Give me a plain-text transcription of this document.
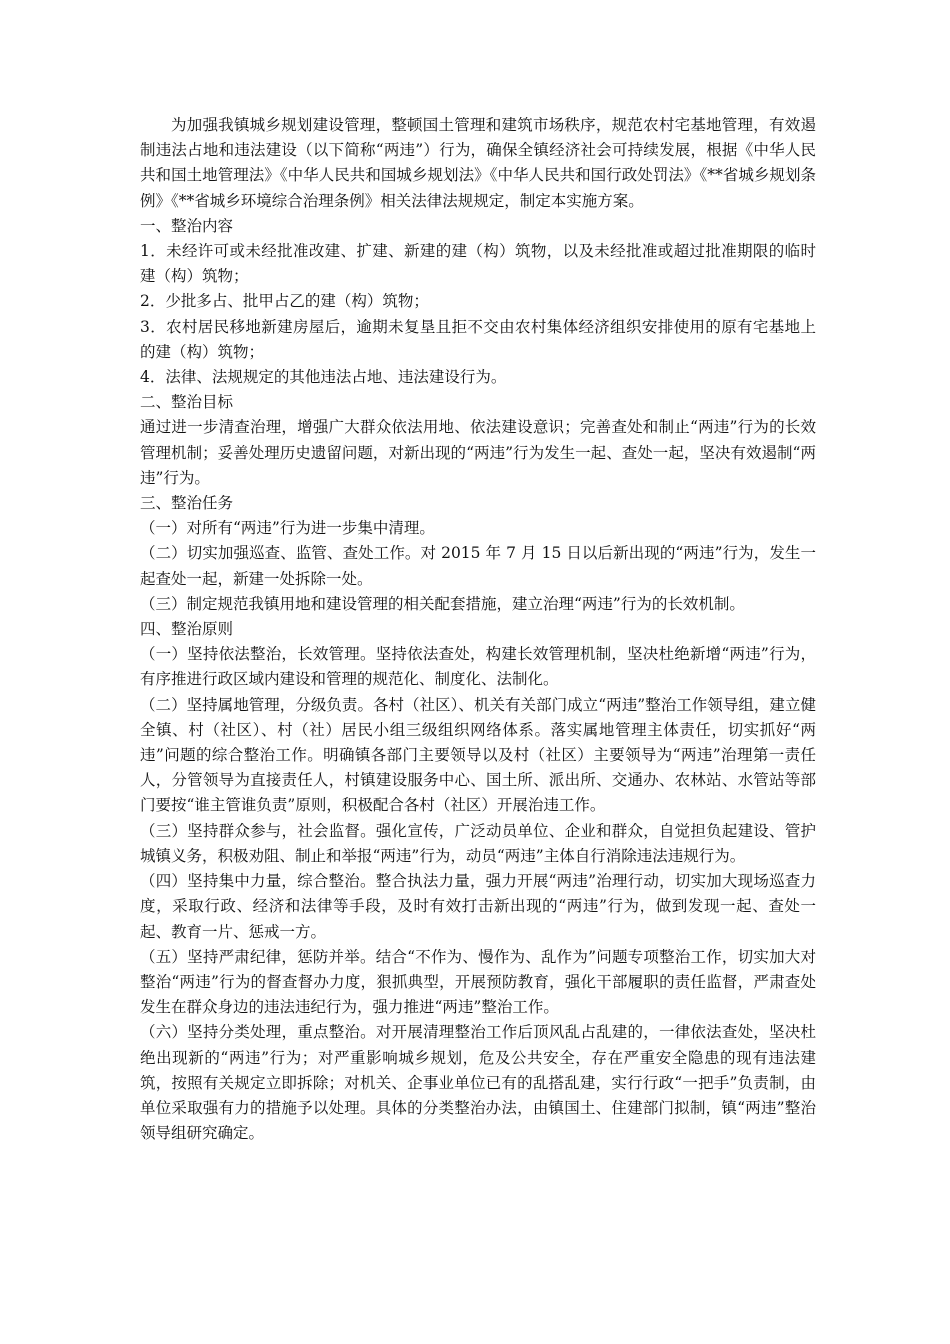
为加强我镇城乡规划建设管理，整顿国土管理和建筑市场秩序，规范农村宅基地管理，有效遏制违法占地和违法建设（以下简称“两违”）行为，确保全镇经济社会可持续发展，根据《中华人民共和国土地管理法》《中华人民共和国城乡规划法》《中华人民共和国行政处罚法》《**省城乡规划条例》《**省城乡环境综合治理条例》相关法律法规规定，制定本实施方案。

一、整治内容

1．未经许可或未经批准改建、扩建、新建的建（构）筑物，以及未经批准或超过批准期限的临时建（构）筑物；

2．少批多占、批甲占乙的建（构）筑物；

3．农村居民移地新建房屋后，逾期未复垦且拒不交由农村集体经济组织安排使用的原有宅基地上的建（构）筑物；

4．法律、法规规定的其他违法占地、违法建设行为。

二、整治目标

通过进一步清查治理，增强广大群众依法用地、依法建设意识；完善查处和制止“两违”行为的长效管理机制；妥善处理历史遗留问题，对新出现的“两违”行为发生一起、查处一起，坚决有效遏制“两违”行为。

三、整治任务

（一）对所有“两违”行为进一步集中清理。

（二）切实加强巡查、监管、查处工作。对 2015 年 7 月 15 日以后新出现的“两违”行为，发生一起查处一起，新建一处拆除一处。

（三）制定规范我镇用地和建设管理的相关配套措施，建立治理“两违”行为的长效机制。

四、整治原则

（一）坚持依法整治，长效管理。坚持依法查处，构建长效管理机制，坚决杜绝新增“两违”行为，有序推进行政区域内建设和管理的规范化、制度化、法制化。

（二）坚持属地管理，分级负责。各村（社区）、机关有关部门成立“两违”整治工作领导组，建立健全镇、村（社区）、村（社）居民小组三级组织网络体系。落实属地管理主体责任，切实抓好“两违”问题的综合整治工作。明确镇各部门主要领导以及村（社区）主要领导为“两违”治理第一责任人，分管领导为直接责任人，村镇建设服务中心、国土所、派出所、交通办、农林站、水管站等部门要按“谁主管谁负责”原则，积极配合各村（社区）开展治违工作。

（三）坚持群众参与，社会监督。强化宣传，广泛动员单位、企业和群众，自觉担负起建设、管护城镇义务，积极劝阻、制止和举报“两违”行为，动员“两违”主体自行消除违法违规行为。

（四）坚持集中力量，综合整治。整合执法力量，强力开展“两违”治理行动，切实加大现场巡查力度，采取行政、经济和法律等手段，及时有效打击新出现的“两违”行为，做到发现一起、查处一起、教育一片、惩戒一方。

（五）坚持严肃纪律，惩防并举。结合“不作为、慢作为、乱作为”问题专项整治工作，切实加大对整治“两违”行为的督查督办力度，狠抓典型，开展预防教育，强化干部履职的责任监督，严肃查处发生在群众身边的违法违纪行为，强力推进“两违”整治工作。

（六）坚持分类处理，重点整治。对开展清理整治工作后顶风乱占乱建的，一律依法查处，坚决杜绝出现新的“两违”行为；对严重影响城乡规划，危及公共安全，存在严重安全隐患的现有违法建筑，按照有关规定立即拆除；对机关、企事业单位已有的乱搭乱建，实行行政“一把手”负责制，由单位采取强有力的措施予以处理。具体的分类整治办法，由镇国土、住建部门拟制，镇“两违”整治领导组研究确定。
